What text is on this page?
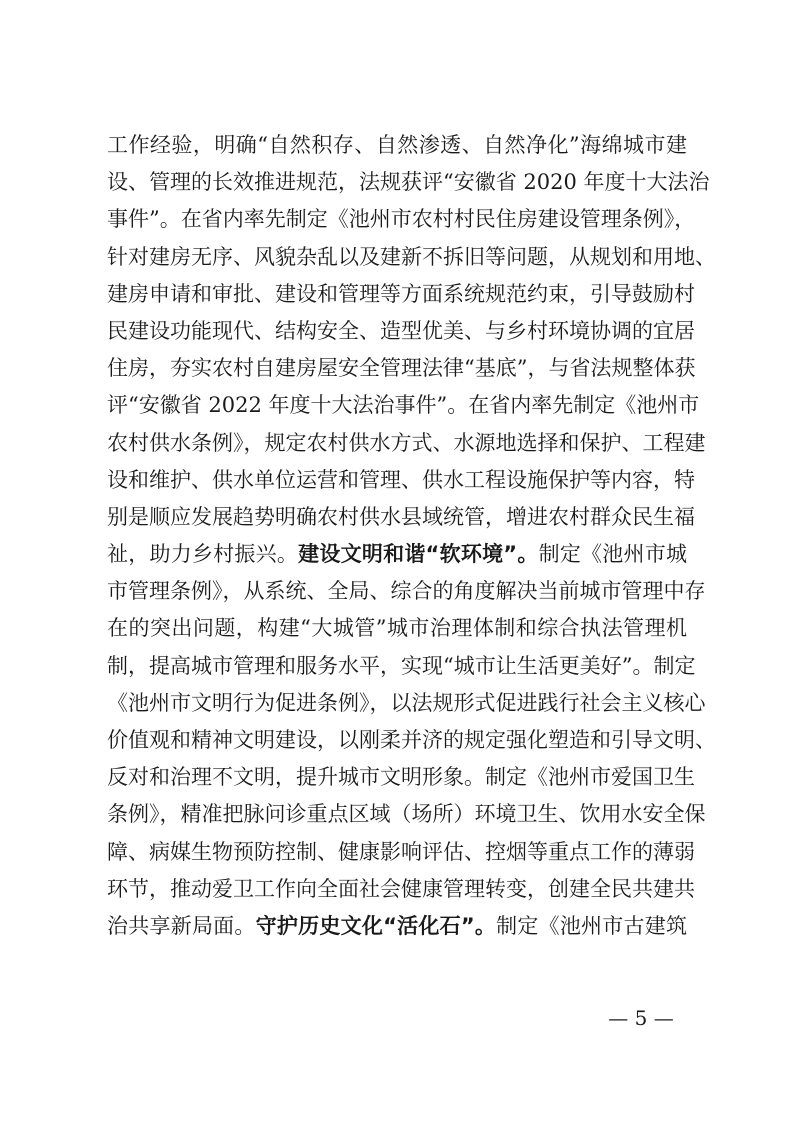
工作经验，明确“自然积存、自然渗透、自然净化”海绵城市建
设、管理的长效推进规范，法规获评“安徽省 2020 年度十大法治
事件”。在省内率先制定《池州市农村村民住房建设管理条例》，
针对建房无序、风貌杂乱以及建新不拆旧等问题，从规划和用地、
建房申请和审批、建设和管理等方面系统规范约束，引导鼓励村
民建设功能现代、结构安全、造型优美、与乡村环境协调的宜居
住房，夯实农村自建房屋安全管理法律“基底”，与省法规整体获
评“安徽省 2022 年度十大法治事件”。在省内率先制定《池州市
农村供水条例》，规定农村供水方式、水源地选择和保护、工程建
设和维护、供水单位运营和管理、供水工程设施保护等内容，特
别是顺应发展趋势明确农村供水县域统管，增进农村群众民生福
祉，助力乡村振兴。建设文明和谐“软环境”。制定《池州市城
市管理条例》，从系统、全局、综合的角度解决当前城市管理中存
在的突出问题，构建“大城管”城市治理体制和综合执法管理机
制，提高城市管理和服务水平，实现“城市让生活更美好”。制定
《池州市文明行为促进条例》，以法规形式促进践行社会主义核心
价值观和精神文明建设，以刚柔并济的规定强化塑造和引导文明、
反对和治理不文明，提升城市文明形象。制定《池州市爱国卫生
条例》，精准把脉问诊重点区域（场所）环境卫生、饮用水安全保
障、病媒生物预防控制、健康影响评估、控烟等重点工作的薄弱
环节，推动爱卫工作向全面社会健康管理转变，创建全民共建共
治共享新局面。守护历史文化“活化石”。制定《池州市古建筑
— 5 —
